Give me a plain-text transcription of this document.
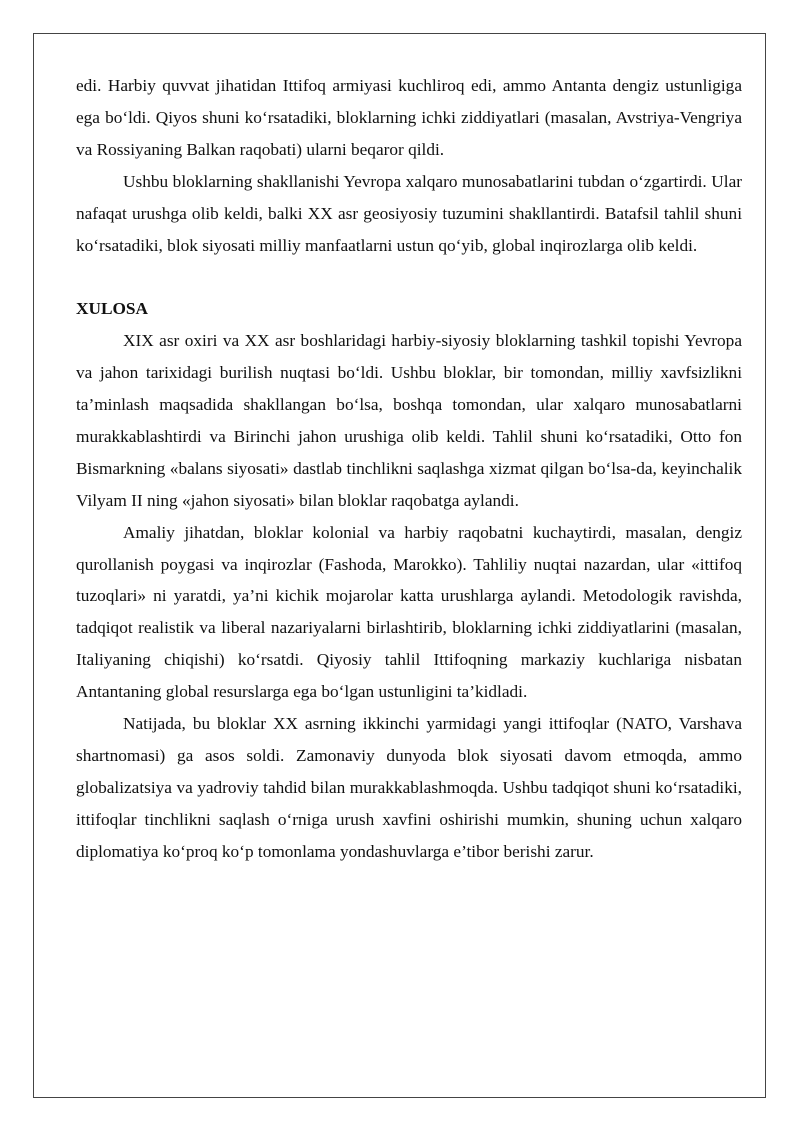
edi. Harbiy quvvat jihatidan Ittifoq armiyasi kuchliroq edi, ammo Antanta dengiz ustunligiga ega bo‘ldi. Qiyos shuni ko‘rsatadiki, bloklarning ichki ziddiyatlari (masalan, Avstriya-Vengriya va Rossiyaning Balkan raqobati) ularni beqaror qildi.

Ushbu bloklarning shakllanishi Yevropa xalqaro munosabatlarini tubdan o‘zgartirdi. Ular nafaqat urushga olib keldi, balki XX asr geosiyosiy tuzumini shakllantirdi. Batafsil tahlil shuni ko‘rsatadiki, blok siyosati milliy manfaatlarni ustun qo‘yib, global inqirozlarga olib keldi.

XULOSA

XIX asr oxiri va XX asr boshlaridagi harbiy-siyosiy bloklarning tashkil topishi Yevropa va jahon tarixidagi burilish nuqtasi bo‘ldi. Ushbu bloklar, bir tomondan, milliy xavfsizlikni ta’minlash maqsadida shakllangan bo‘lsa, boshqa tomondan, ular xalqaro munosabatlarni murakkablashtirdi va Birinchi jahon urushiga olib keldi. Tahlil shuni ko‘rsatadiki, Otto fon Bismarkning «balans siyosati» dastlab tinchlikni saqlashga xizmat qilgan bo‘lsa-da, keyinchalik Vilyam II ning «jahon siyosati» bilan bloklar raqobatga aylandi.

Amaliy jihatdan, bloklar kolonial va harbiy raqobatni kuchaytirdi, masalan, dengiz qurollanish poygasi va inqirozlar (Fashoda, Marokko). Tahliliy nuqtai nazardan, ular «ittifoq tuzoqlari» ni yaratdi, ya’ni kichik mojarolar katta urushlarga aylandi. Metodologik ravishda, tadqiqot realistik va liberal nazariyalarni birlashtirib, bloklarning ichki ziddiyatlarini (masalan, Italiyaning chiqishi) ko‘rsatdi. Qiyosiy tahlil Ittifoqning markaziy kuchlariga nisbatan Antantaning global resurslarga ega bo‘lgan ustunligini ta’kidladi.

Natijada, bu bloklar XX asrning ikkinchi yarmidagi yangi ittifoqlar (NATO, Varshava shartnomasi) ga asos soldi. Zamonaviy dunyoda blok siyosati davom etmoqda, ammo globalizatsiya va yadroviy tahdid bilan murakkablashmoqda. Ushbu tadqiqot shuni ko‘rsatadiki, ittifoqlar tinchlikni saqlash o‘rniga urush xavfini oshirishi mumkin, shuning uchun xalqaro diplomatiya ko‘proq ko‘p tomonlama yondashuvlarga e’tibor berishi zarur.
